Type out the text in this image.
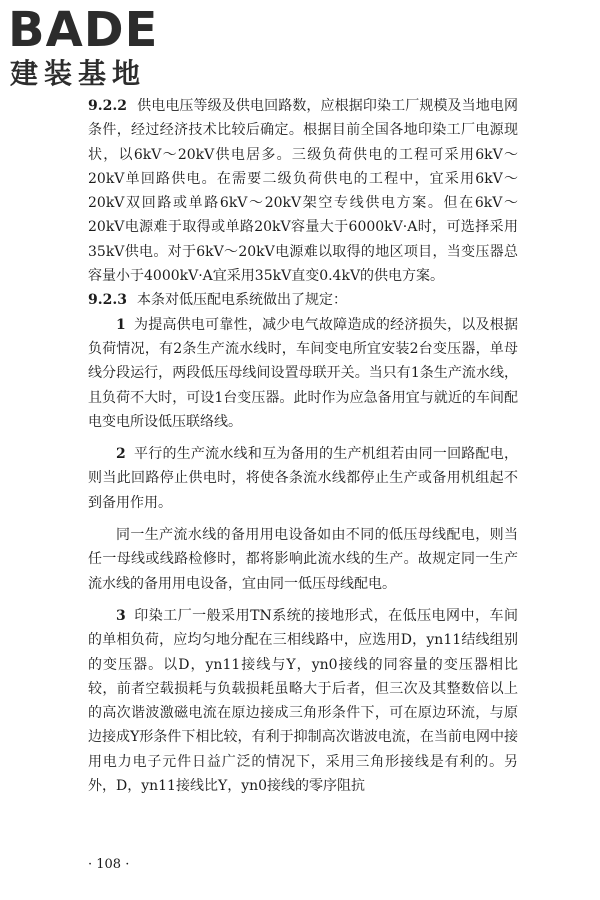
BADE
建装基地

9.2.2 供电电压等级及供电回路数，应根据印染工厂规模及当地电网条件，经过经济技术比较后确定。根据目前全国各地印染工厂电源现状，以6kV～20kV供电居多。三级负荷供电的工程可采用6kV～20kV单回路供电。在需要二级负荷供电的工程中，宜采用6kV～20kV双回路或单路6kV～20kV架空专线供电方案。但在6kV～20kV电源难于取得或单路20kV容量大于6000kV·A时，可选择采用35kV供电。对于6kV～20kV电源难以取得的地区项目，当变压器总容量小于4000kV·A宜采用35kV直变0.4kV的供电方案。

9.2.3 本条对低压配电系统做出了规定：

1 为提高供电可靠性，减少电气故障造成的经济损失，以及根据负荷情况，有2条生产流水线时，车间变电所宜安装2台变压器，单母线分段运行，两段低压母线间设置母联开关。当只有1条生产流水线，且负荷不大时，可设1台变压器。此时作为应急备用宜与就近的车间配电变电所设低压联络线。

2 平行的生产流水线和互为备用的生产机组若由同一回路配电，则当此回路停止供电时，将使各条流水线都停止生产或备用机组起不到备用作用。

同一生产流水线的备用用电设备如由不同的低压母线配电，则当任一母线或线路检修时，都将影响此流水线的生产。故规定同一生产流水线的备用用电设备，宜由同一低压母线配电。

3 印染工厂一般采用TN系统的接地形式，在低压电网中，车间的单相负荷，应均匀地分配在三相线路中，应选用D，yn11结线组别的变压器。以D，yn11接线与Y，yn0接线的同容量的变压器相比较，前者空载损耗与负载损耗虽略大于后者，但三次及其整数倍以上的高次谐波激磁电流在原边接成三角形条件下，可在原边环流，与原边接成Y形条件下相比较，有利于抑制高次谐波电流，在当前电网中接用电力电子元件日益广泛的情况下，采用三角形接线是有利的。另外，D，yn11接线比Y，yn0接线的零序阻抗

· 108 ·
